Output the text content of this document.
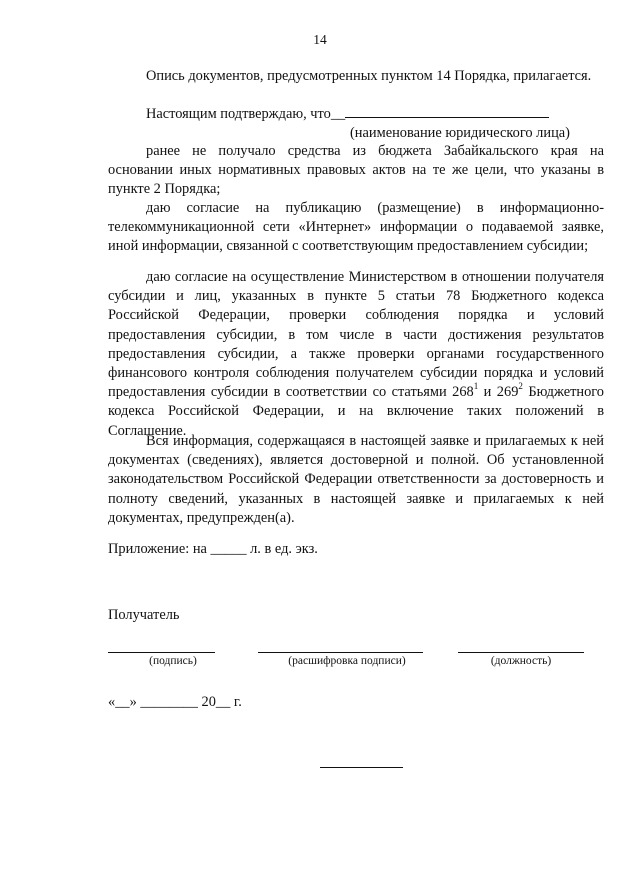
14

Опись документов, предусмотренных пунктом 14 Порядка, прилагается.

Настоящим подтверждаю, что__

(наименование юридического лица)

ранее не получало средства из бюджета Забайкальского края на основании иных нормативных правовых актов на те же цели, что указаны в пункте 2 Порядка;

даю согласие на публикацию (размещение) в информационно-телекоммуникационной сети «Интернет» информации о подаваемой заявке, иной информации, связанной с соответствующим предоставлением субсидии;

даю согласие на осуществление Министерством в отношении получателя субсидии и лиц, указанных в пункте 5 статьи 78 Бюджетного кодекса Российской Федерации, проверки соблюдения порядка и условий предоставления субсидии, в том числе в части достижения результатов предоставления субсидии, а также проверки органами государственного финансового контроля соблюдения получателем субсидии порядка и условий предоставления субсидии в соответствии со статьями $268^1$ и $269^2$ Бюджетного кодекса Российской Федерации, и на включение таких положений в Соглашение.

Вся информация, содержащаяся в настоящей заявке и прилагаемых к ней документах (сведениях), является достоверной и полной. Об установленной законодательством Российской Федерации ответственности за достоверность и полноту сведений, указанных в настоящей заявке и прилагаемых к ней документах, предупрежден(а).

Приложение: на _____ л. в ед. экз.
Получатель
(подпись)	(расшифровка подписи)	(должность)
«__» ________ 20__ г.
